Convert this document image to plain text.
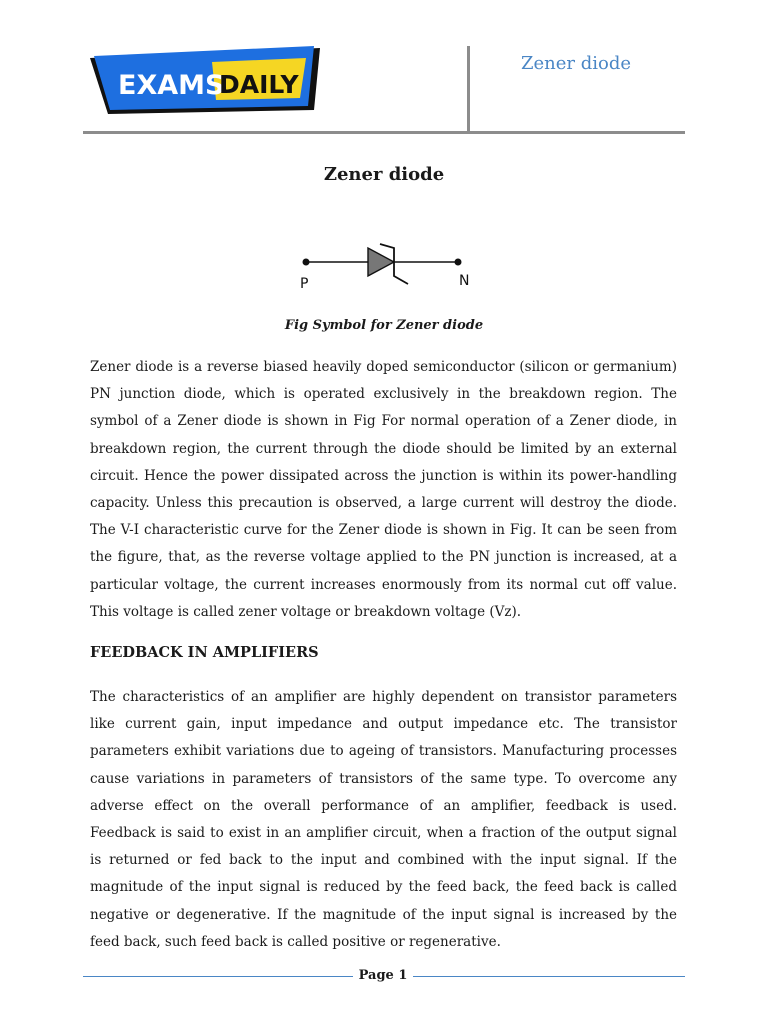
EXAMS
DAILY
Zener diode
Zener diode
P	N
Fig Symbol for Zener diode

Zener diode is a reverse biased heavily doped semiconductor (silicon or germanium) PN junction diode, which is operated exclusively in the breakdown region. The symbol of a Zener diode is shown in Fig For normal operation of a Zener diode, in breakdown region, the current through the diode should be limited by an external circuit. Hence the power dissipated across the junction is within its power-handling capacity. Unless this precaution is observed, a large current will destroy the diode. The V-I characteristic curve for the Zener diode is shown in Fig. It can be seen from the figure, that, as the reverse voltage applied to the PN junction is increased, at a particular voltage, the current increases enormously from its normal cut off value. This voltage is called zener voltage or breakdown voltage (Vz).

FEEDBACK IN AMPLIFIERS

The characteristics of an amplifier are highly dependent on transistor parameters like current gain, input impedance and output impedance etc. The transistor parameters exhibit variations due to ageing of transistors. Manufacturing processes cause variations in parameters of transistors of the same type. To overcome any adverse effect on the overall performance of an amplifier, feedback is used. Feedback is said to exist in an amplifier circuit, when a fraction of the output signal is returned or fed back to the input and combined with the input signal. If the magnitude of the input signal is reduced by the feed back, the feed back is called negative or degenerative. If the magnitude of the input signal is increased by the feed back, such feed back is called positive or regenerative.

Page 1
